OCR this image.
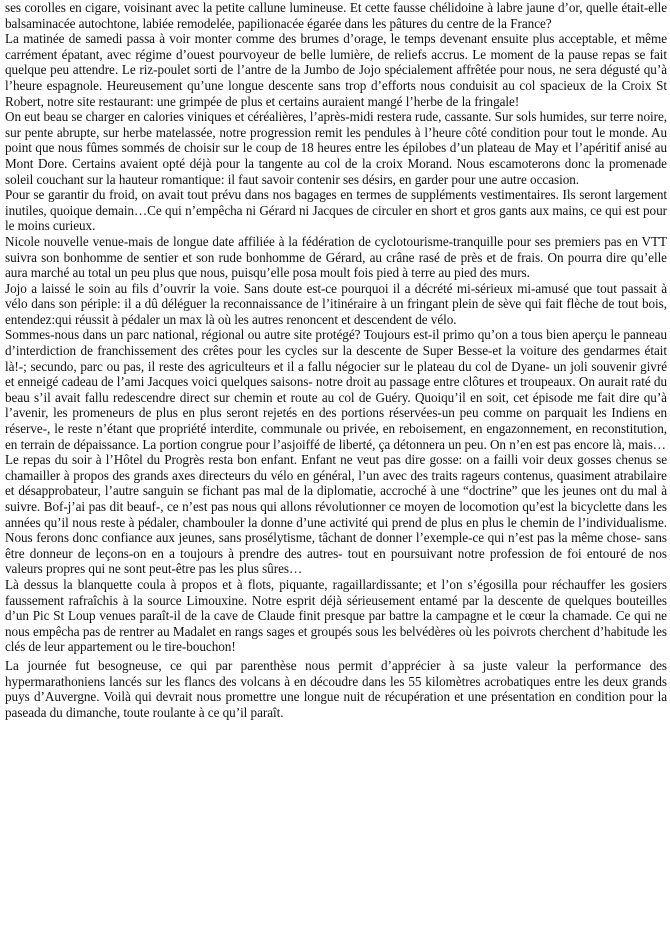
ses corolles en cigare, voisinant avec la petite callune lumineuse. Et cette fausse chélidoine à labre jaune d’or, quelle était-elle balsaminacée autochtone, labiée remodelée, papilionacée égarée dans les pâtures du centre de la France?

La matinée de samedi passa à voir monter comme des brumes d’orage, le temps devenant ensuite plus acceptable, et même carrément épatant, avec régime d’ouest pourvoyeur de belle lumière, de reliefs accrus. Le moment de la pause repas se fait quelque peu attendre. Le riz-poulet sorti de l’antre de la Jumbo de Jojo spécialement affrêtée pour nous, ne sera dégusté qu’à l’heure espagnole. Heureusement qu’une longue descente sans trop d’efforts nous conduisit au col spacieux de la Croix St Robert, notre site restaurant: une grimpée de plus et certains auraient mangé l’herbe de la fringale!

On eut beau se charger en calories viniques et céréalières, l’après-midi restera rude, cassante. Sur sols humides, sur terre noire, sur pente abrupte, sur herbe matelassée, notre progression remit les pendules à l’heure côté condition pour tout le monde. Au point que nous fûmes sommés de choisir sur le coup de 18 heures entre les épilobes d’un plateau de May et l’apéritif anisé au Mont Dore. Certains avaient opté déjà pour la tangente au col de la croix Morand. Nous escamoterons donc la promenade soleil couchant sur la hauteur romantique: il faut savoir contenir ses désirs, en garder pour une autre occasion.

Pour se garantir du froid, on avait tout prévu dans nos bagages en termes de suppléments vestimentaires. Ils seront largement inutiles, quoique demain…Ce qui n’empêcha ni Gérard ni Jacques de circuler en short et gros gants aux mains, ce qui est pour le moins curieux.

Nicole nouvelle venue-mais de longue date affiliée à la fédération de cyclotourisme-tranquille pour ses premiers pas en VTT suivra son bonhomme de sentier et son rude bonhomme de Gérard, au crâne rasé de près et de frais. On pourra dire qu’elle aura marché au total un peu plus que nous, puisqu’elle posa moult fois pied à terre au pied des murs.

Jojo a laissé le soin au fils d’ouvrir la voie. Sans doute est-ce pourquoi il a décrété mi-sérieux mi-amusé que tout passait à vélo dans son périple: il a dû déléguer la reconnaissance de l’itinéraire à un fringant plein de sève qui fait flèche de tout bois, entendez:qui réussit à pédaler un max là où les autres renoncent et descendent de vélo.

Sommes-nous dans un parc national, régional ou autre site protégé? Toujours est-il primo qu’on a tous bien aperçu le panneau d’interdiction de franchissement des crêtes pour les cycles sur la descente de Super Besse-et la voiture des gendarmes était là!-; secundo, parc ou pas, il reste des agriculteurs et il a fallu négocier sur le plateau du col de Dyane- un joli souvenir givré et enneigé cadeau de l’ami Jacques voici quelques saisons- notre droit au passage entre clôtures et troupeaux. On aurait raté du beau s’il avait fallu redescendre direct sur chemin et route au col de Guéry. Quoiqu’il en soit, cet épisode me fait dire qu’à l’avenir, les promeneurs de plus en plus seront rejetés en des portions réservées-un peu comme on parquait les Indiens en réserve-, le reste n’étant que propriété interdite, communale ou privée, en reboisement, en engazonnement, en reconstitution, en terrain de dépaissance. La portion congrue pour l’asjoiffé de liberté, ça détonnera un peu. On n’en est pas encore là, mais…

Le repas du soir à l’Hôtel du Progrès resta bon enfant. Enfant ne veut pas dire gosse: on a failli voir deux gosses chenus se chamailler à propos des grands axes directeurs du vélo en général, l’un avec des traits rageurs contenus, quasiment atrabilaire et désapprobateur, l’autre sanguin se fichant pas mal de la diplomatie, accroché à une “doctrine” que les jeunes ont du mal à suivre. Bof-j’ai pas dit beauf-, ce n’est pas nous qui allons révolutionner ce moyen de locomotion qu’est la bicyclette dans les années qu’il nous reste à pédaler, chambouler la donne d’une activité qui prend de plus en plus le chemin de l’individualisme. Nous ferons donc confiance aux jeunes, sans prosélytisme, tâchant de donner l’exemple-ce qui n’est pas la même chose- sans être donneur de leçons-on en a toujours à prendre des autres- tout en poursuivant notre profession de foi entouré de nos valeurs propres qui ne sont peut-être pas les plus sûres…

Là dessus la blanquette coula à propos et à flots, piquante, ragaillardissante; et l’on s’égosilla pour réchauffer les gosiers faussement rafraîchis à la source Limouxine. Notre esprit déjà sérieusement entamé par la descente de quelques bouteilles d’un Pic St Loup venues paraît-il de la cave de Claude finit presque par battre la campagne et le cœur la chamade. Ce qui ne nous empêcha pas de rentrer au Madalet en rangs sages et groupés sous les belvédères où les poivrots cherchent d’habitude les clés de leur appartement ou le tire-bouchon!

La journée fut besogneuse, ce qui par parenthèse nous permit d’apprécier à sa juste valeur la performance des hypermarathoniens lancés sur les flancs des volcans à en découdre dans les 55 kilomètres acrobatiques entre les deux grands puys d’Auvergne. Voilà qui devrait nous promettre une longue nuit de récupération et une présentation en condition pour la paseada du dimanche, toute roulante à ce qu’il paraît.
